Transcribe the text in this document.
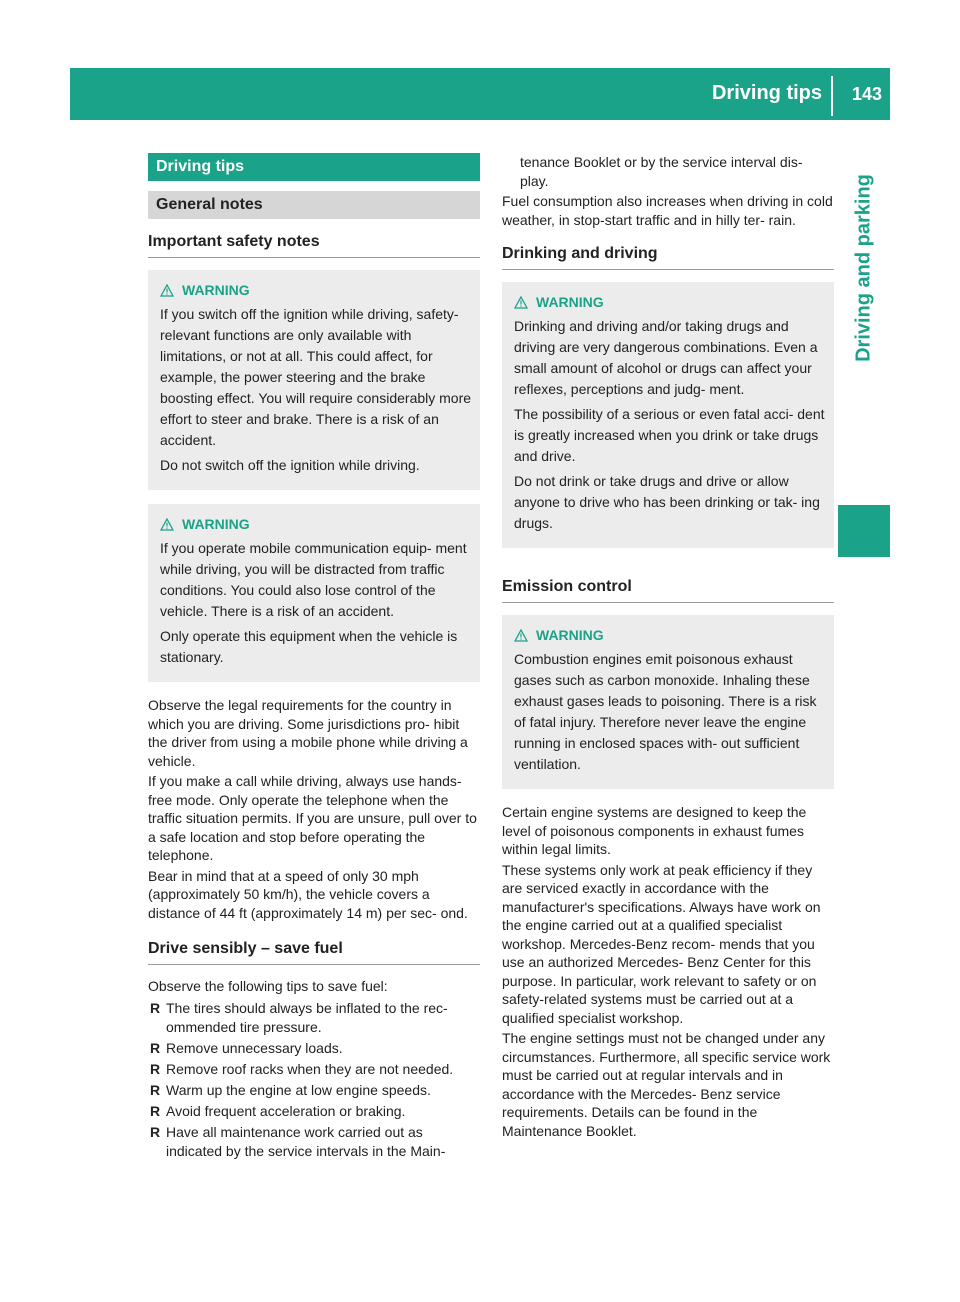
Driving tips 143
Driving and parking
Driving tips
General notes
Important safety notes
WARNING

If you switch off the ignition while driving, safety-relevant functions are only available with limitations, or not at all. This could affect, for example, the power steering and the brake boosting effect. You will require considerably more effort to steer and brake. There is a risk of an accident.

Do not switch off the ignition while driving.

WARNING

If you operate mobile communication equip- ment while driving, you will be distracted from traffic conditions. You could also lose control of the vehicle. There is a risk of an accident.

Only operate this equipment when the vehicle is stationary.

Observe the legal requirements for the country in which you are driving. Some jurisdictions pro- hibit the driver from using a mobile phone while driving a vehicle.

If you make a call while driving, always use hands-free mode. Only operate the telephone when the traffic situation permits. If you are unsure, pull over to a safe location and stop before operating the telephone.

Bear in mind that at a speed of only 30 mph (approximately 50 km/h), the vehicle covers a distance of 44 ft (approximately 14 m) per sec- ond.

Drive sensibly – save fuel
Observe the following tips to save fuel:
R The tires should always be inflated to the rec- ommended tire pressure.
R Remove unnecessary loads.
R Remove roof racks when they are not needed.
R Warm up the engine at low engine speeds.
R Avoid frequent acceleration or braking.
R Have all maintenance work carried out as indicated by the service intervals in the Main-
tenance Booklet or by the service interval dis- play.
Fuel consumption also increases when driving in cold weather, in stop-start traffic and in hilly ter- rain.
Drinking and driving
WARNING

Drinking and driving and/or taking drugs and driving are very dangerous combinations. Even a small amount of alcohol or drugs can affect your reflexes, perceptions and judg- ment.

The possibility of a serious or even fatal acci- dent is greatly increased when you drink or take drugs and drive.

Do not drink or take drugs and drive or allow anyone to drive who has been drinking or tak- ing drugs.

Emission control
WARNING

Combustion engines emit poisonous exhaust gases such as carbon monoxide. Inhaling these exhaust gases leads to poisoning. There is a risk of fatal injury. Therefore never leave the engine running in enclosed spaces with- out sufficient ventilation.

Certain engine systems are designed to keep the level of poisonous components in exhaust fumes within legal limits.

These systems only work at peak efficiency if they are serviced exactly in accordance with the manufacturer's specifications. Always have work on the engine carried out at a qualified specialist workshop. Mercedes-Benz recom- mends that you use an authorized Mercedes- Benz Center for this purpose. In particular, work relevant to safety or on safety-related systems must be carried out at a qualified specialist workshop.

The engine settings must not be changed under any circumstances. Furthermore, all specific service work must be carried out at regular intervals and in accordance with the Mercedes- Benz service requirements. Details can be found in the Maintenance Booklet.
